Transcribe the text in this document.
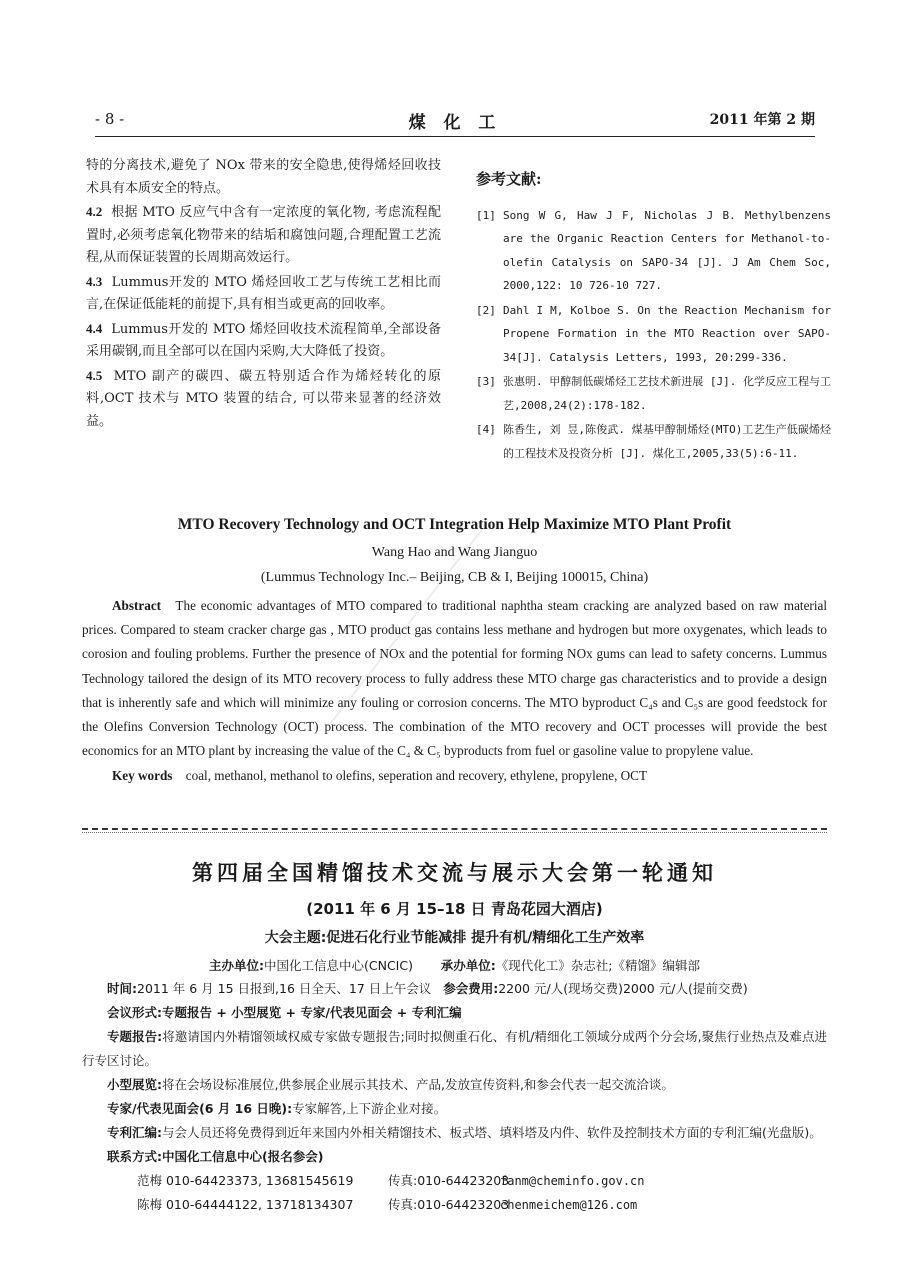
- 8 -	煤 化 工	2011 年第 2 期

特的分离技术,避免了 NOx 带来的安全隐患,使得烯烃回收技术具有本质安全的特点。

4.2 根据 MTO 反应气中含有一定浓度的氧化物, 考虑流程配置时,必须考虑氧化物带来的结垢和腐蚀问题,合理配置工艺流程,从而保证装置的长周期高效运行。

4.3 Lummus开发的 MTO 烯烃回收工艺与传统工艺相比而言,在保证低能耗的前提下,具有相当或更高的回收率。

4.4 Lummus开发的 MTO 烯烃回收技术流程简单,全部设备采用碳钢,而且全部可以在国内采购,大大降低了投资。

4.5 MTO 副产的碳四、碳五特别适合作为烯烃转化的原料,OCT 技术与 MTO 装置的结合, 可以带来显著的经济效益。

参考文献:
[1] Song W G, Haw J F, Nicholas J B. Methylbenzens are the Organic Reaction Centers for Methanol-to-olefin Catalysis on SAPO-34 [J]. J Am Chem Soc, 2000,122: 10 726-10 727.
[2] Dahl I M, Kolboe S. On the Reaction Mechanism for Propene Formation in the MTO Reaction over SAPO-34[J]. Catalysis Letters, 1993, 20:299-336.
[3] 张惠明. 甲醇制低碳烯烃工艺技术新进展 [J]. 化学反应工程与工艺,2008,24(2):178-182.
[4] 陈香生, 刘 昱,陈俊武. 煤基甲醇制烯烃(MTO)工艺生产低碳烯烃的工程技术及投资分析 [J]. 煤化工,2005,33(5):6-11.
MTO Recovery Technology and OCT Integration Help Maximize MTO Plant Profit
Wang Hao and Wang Jianguo
(Lummus Technology Inc.– Beijing, CB & I, Beijing 100015, China)
Abstract The economic advantages of MTO compared to traditional naphtha steam cracking are analyzed based on raw material prices. Compared to steam cracker charge gas , MTO product gas contains less methane and hydrogen but more oxygenates, which leads to corosion and fouling problems. Further the presence of NOx and the potential for forming NOx gums can lead to safety concerns. Lummus Technology tailored the design of its MTO recovery process to fully address these MTO charge gas characteristics and to provide a design that is inherently safe and which will minimize any fouling or corrosion concerns. The MTO byproduct C₄s and C₅s are good feedstock for the Olefins Conversion Technology (OCT) process. The combination of the MTO recovery and OCT processes will provide the best economics for an MTO plant by increasing the value of the C₄ & C₅ byproducts from fuel or gasoline value to propylene value.
Key words coal, methanol, methanol to olefins, seperation and recovery, ethylene, propylene, OCT
第四届全国精馏技术交流与展示大会第一轮通知
(2011 年 6 月 15–18 日 青岛花园大酒店)
大会主题:促进石化行业节能减排 提升有机/精细化工生产效率
主办单位:中国化工信息中心(CNCIC) 承办单位:《现代化工》杂志社;《精馏》编辑部

时间:2011 年 6 月 15 日报到,16 日全天、17 日上午会议 参会费用:2200 元/人(现场交费)2000 元/人(提前交费)

会议形式:专题报告 + 小型展览 + 专家/代表见面会 + 专利汇编

专题报告:将邀请国内外精馏领域权威专家做专题报告;同时拟侧重石化、有机/精细化工领域分成两个分会场,聚焦行业热点及难点进行专区讨论。

小型展览:将在会场设标准展位,供参展企业展示其技术、产品,发放宣传资料,和参会代表一起交流洽谈。

专家/代表见面会(6 月 16 日晚):专家解答,上下游企业对接。

专利汇编:与会人员还将免费得到近年来国内外相关精馏技术、板式塔、填料塔及内件、软件及控制技术方面的专利汇编(光盘版)。

联系方式:中国化工信息中心(报名参会)

范梅 010-64423373, 13681545619	传真:010-64423203
fanm@cheminfo.gov.cn
陈梅 010-64444122, 13718134307	传真:010-64423203
chenmeichem@126.com
